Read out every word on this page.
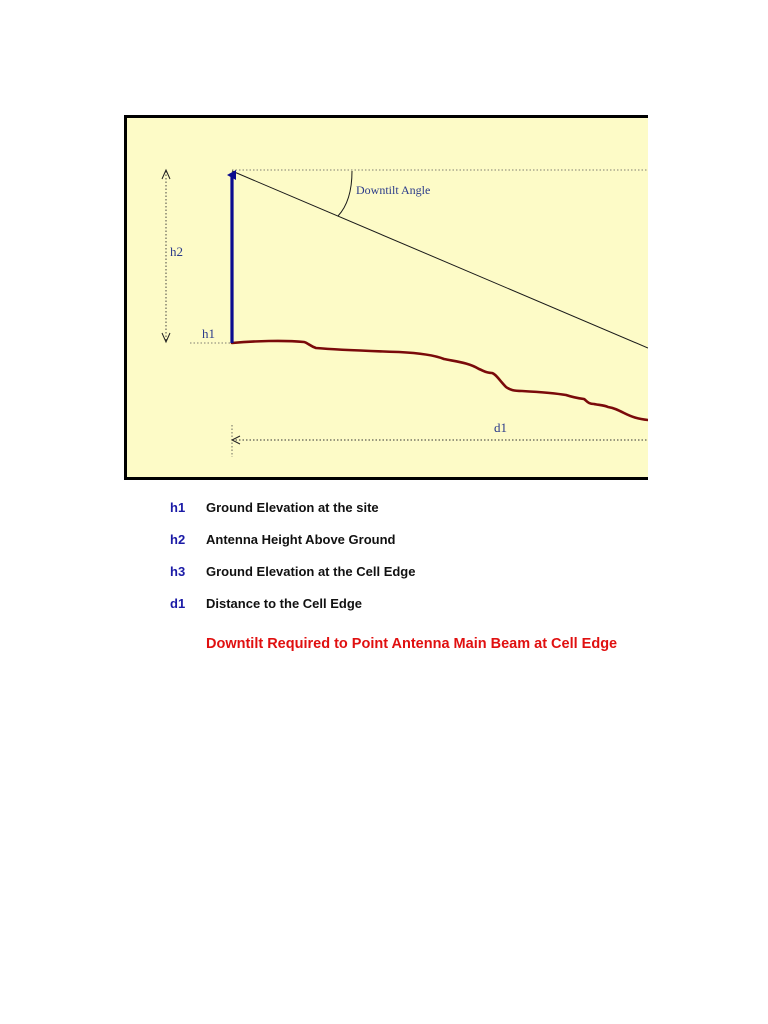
h2
h1
d1
Downtilt Angle
h1	Ground Elevation at the site
h2	Antenna Height Above Ground
h3	Ground Elevation at the Cell Edge
d1	Distance to the Cell Edge
Downtilt Required to Point Antenna Main Beam at Cell Edge
